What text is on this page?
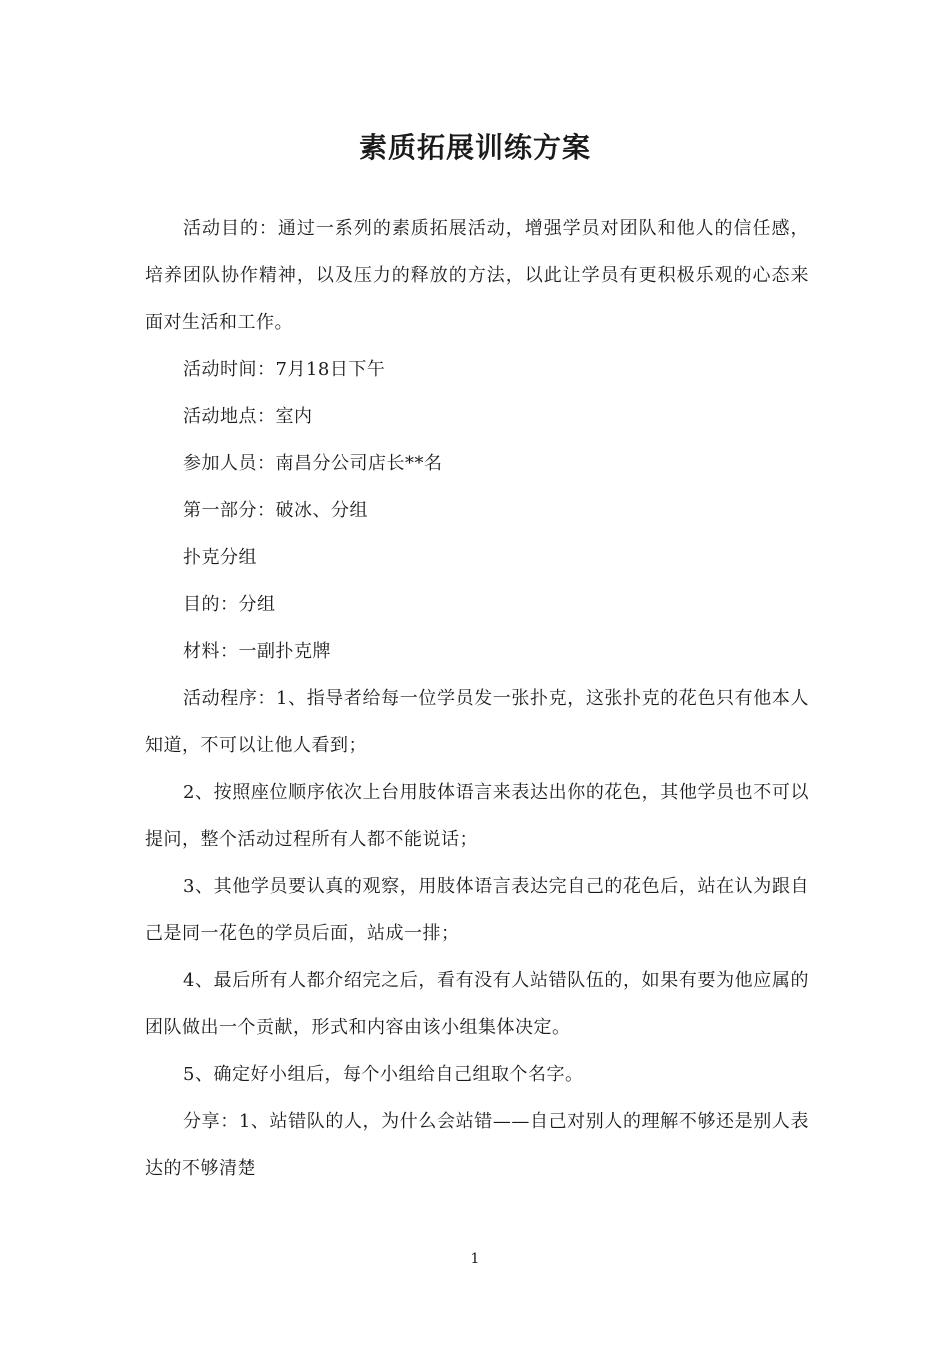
素质拓展训练方案

活动目的：通过一系列的素质拓展活动，增强学员对团队和他人的信任感，培养团队协作精神，以及压力的释放的方法，以此让学员有更积极乐观的心态来面对生活和工作。

活动时间：7月18日下午

活动地点：室内

参加人员：南昌分公司店长**名

第一部分：破冰、分组

扑克分组

目的：分组

材料：一副扑克牌

活动程序：1、指导者给每一位学员发一张扑克，这张扑克的花色只有他本人知道，不可以让他人看到；

2、按照座位顺序依次上台用肢体语言来表达出你的花色，其他学员也不可以提问，整个活动过程所有人都不能说话；

3、其他学员要认真的观察，用肢体语言表达完自己的花色后，站在认为跟自己是同一花色的学员后面，站成一排；

4、最后所有人都介绍完之后，看有没有人站错队伍的，如果有要为他应属的团队做出一个贡献，形式和内容由该小组集体决定。

5、确定好小组后，每个小组给自己组取个名字。

分享：1、站错队的人，为什么会站错——自己对别人的理解不够还是别人表达的不够清楚

1
